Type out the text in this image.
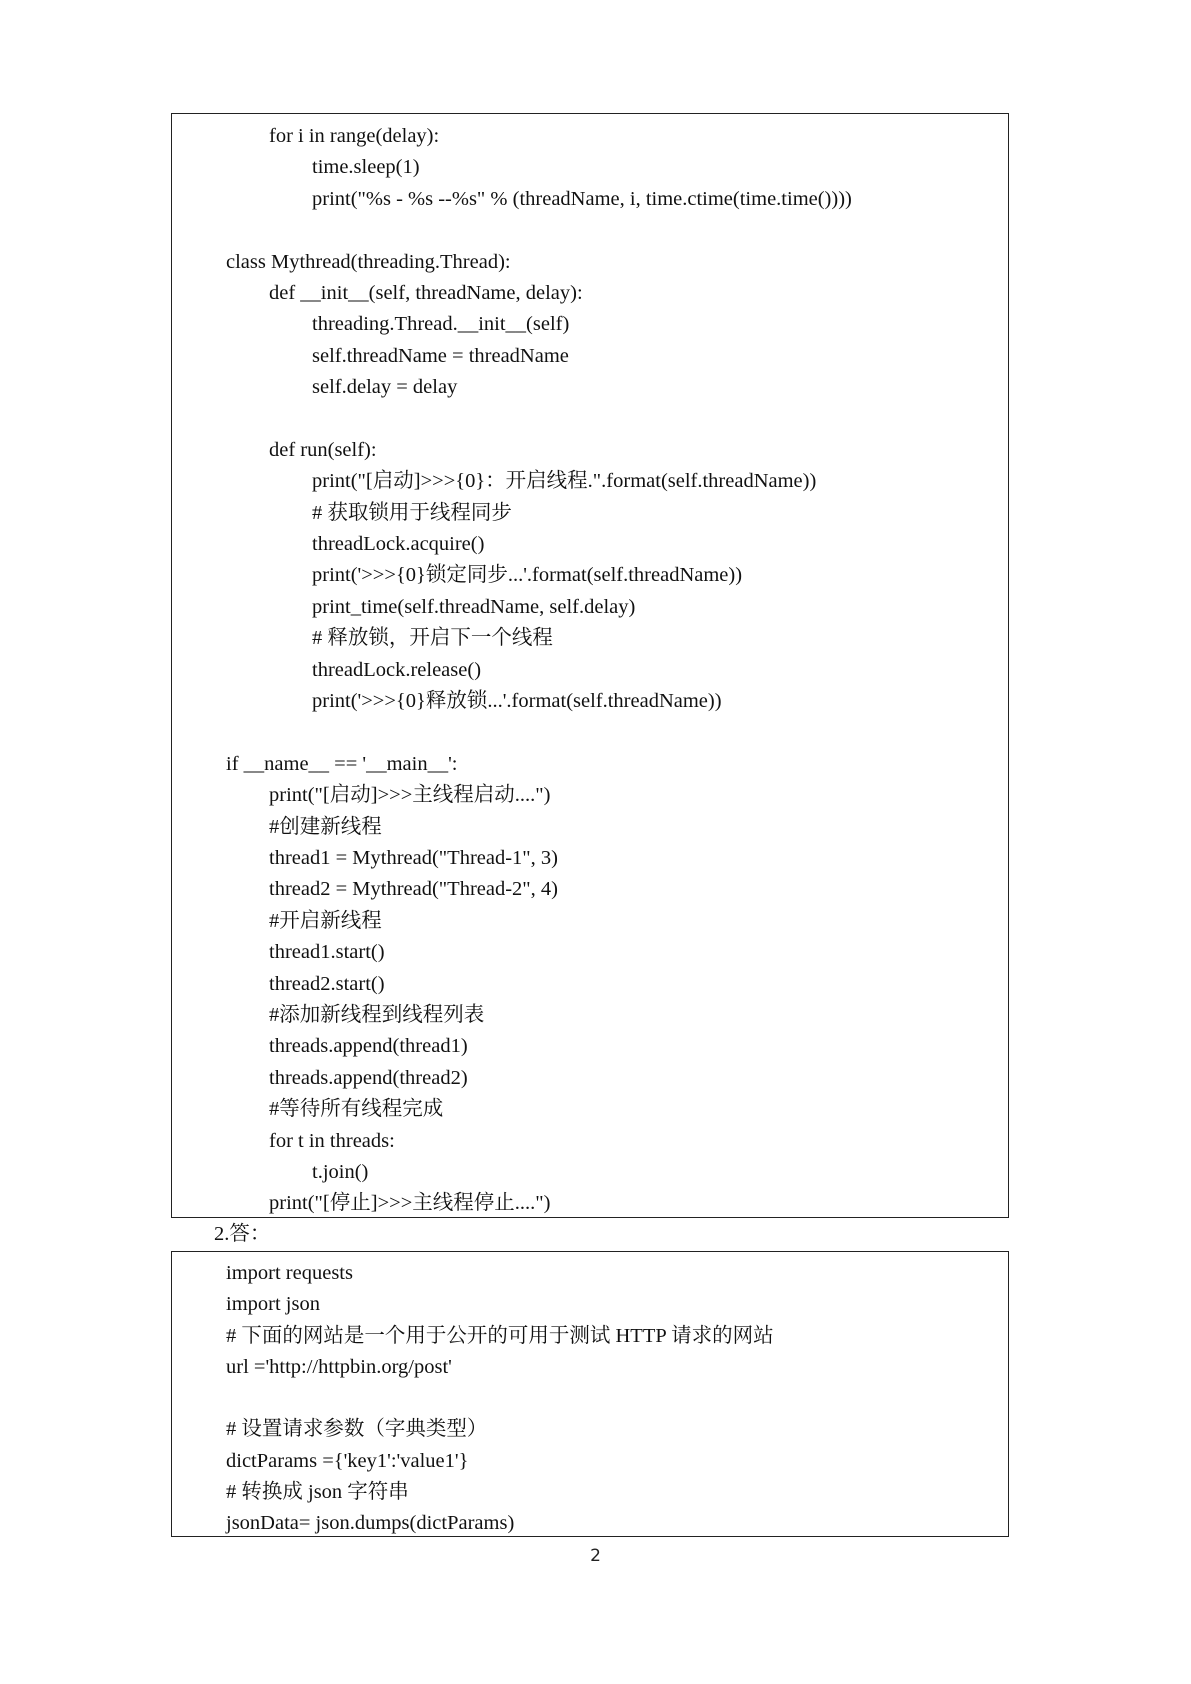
for i in range(delay):
time.sleep(1)
print("%s - %s --%s" % (threadName, i, time.ctime(time.time())))
class Mythread(threading.Thread):
def __init__(self, threadName, delay):
threading.Thread.__init__(self)
self.threadName = threadName
self.delay = delay
def run(self):
print("[启动]>>>{0}：开启线程.".format(self.threadName))
# 获取锁用于线程同步
threadLock.acquire()
print('>>>{0}锁定同步...'.format(self.threadName))
print_time(self.threadName, self.delay)
# 释放锁，开启下一个线程
threadLock.release()
print('>>>{0}释放锁...'.format(self.threadName))
if __name__ == '__main__':
print("[启动]>>>主线程启动....")
#创建新线程
thread1 = Mythread("Thread-1", 3)
thread2 = Mythread("Thread-2", 4)
#开启新线程
thread1.start()
thread2.start()
#添加新线程到线程列表
threads.append(thread1)
threads.append(thread2)
#等待所有线程完成
for t in threads:
t.join()
print("[停止]>>>主线程停止....")
2.答：
import requests
import json
# 下面的网站是一个用于公开的可用于测试 HTTP 请求的网站
url ='http://httpbin.org/post'
# 设置请求参数（字典类型）
dictParams ={'key1':'value1'}
# 转换成 json 字符串
jsonData= json.dumps(dictParams)
2
